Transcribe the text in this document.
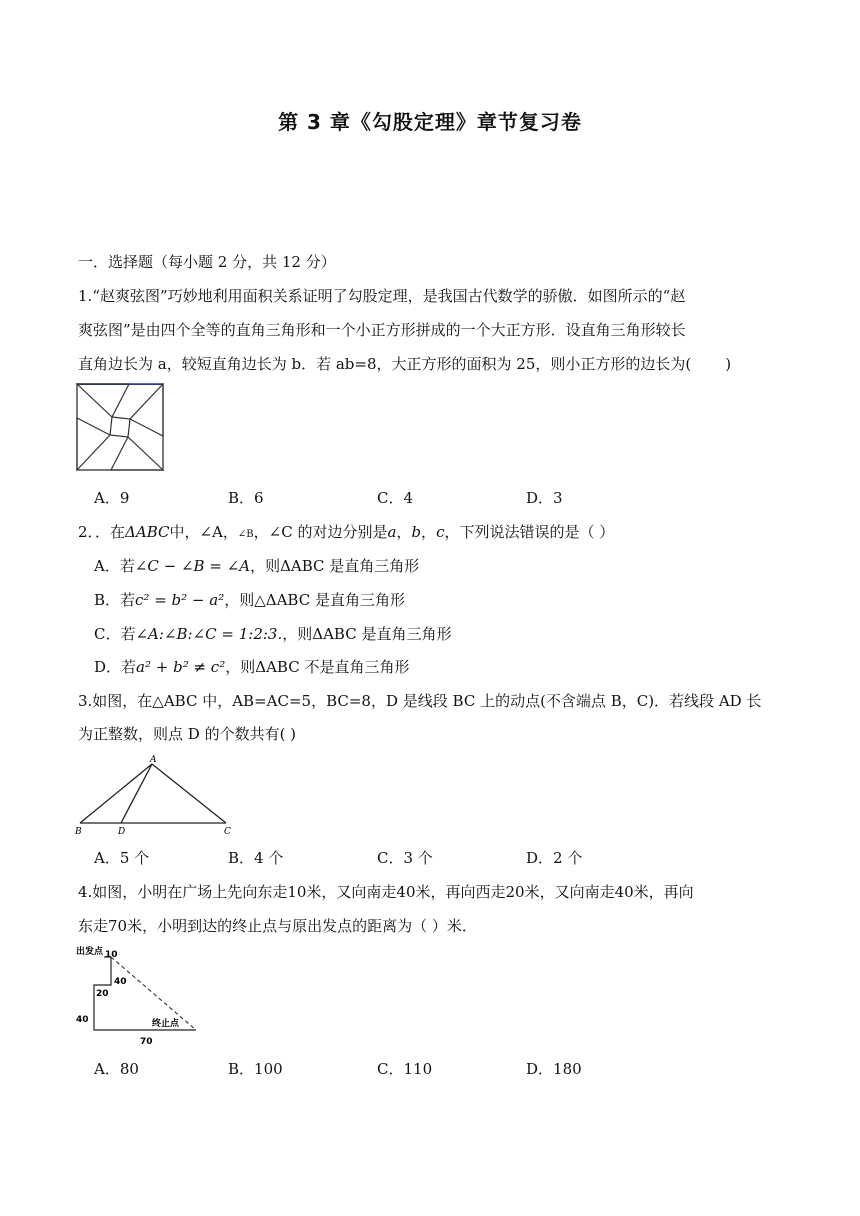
第 3 章《勾股定理》章节复习卷
一．选择题（每小题 2 分，共 12 分）
1.“赵爽弦图”巧妙地利用面积关系证明了勾股定理，是我国古代数学的骄傲．如图所示的“赵
爽弦图”是由四个全等的直角三角形和一个小正方形拼成的一个大正方形．设直角三角形较长
直角边长为 a，较短直角边长为 b．若 ab=8，大正方形的面积为 25，则小正方形的边长为( )
A．9	B．6	C．4	D．3
2．．在ΔABC中，∠A，∠B，∠C 的对边分别是a，b，c，下列说法错误的是（ ）
A．若∠C − ∠B = ∠A，则ΔABC 是直角三角形
B．若c² = b² − a²，则△ΔABC 是直角三角形
C．若∠A:∠B:∠C = 1:2:3.，则ΔABC 是直角三角形
D．若a² + b² ≠ c²，则ΔABC 不是直角三角形
3.如图，在△ABC 中，AB=AC=5，BC=8，D 是线段 BC 上的动点(不含端点 B，C)．若线段 AD 长
为正整数，则点 D 的个数共有( )
A
B	D	C
A．5 个	B．4 个	C．3 个	D．2 个
4.如图，小明在广场上先向东走10米，又向南走40米，再向西走20米，又向南走40米，再向
东走70米，小明到达的终止点与原出发点的距离为（ ）米．
出发点 10
40
20
40
70
终止点
A．80	B．100	C．110	D．180
